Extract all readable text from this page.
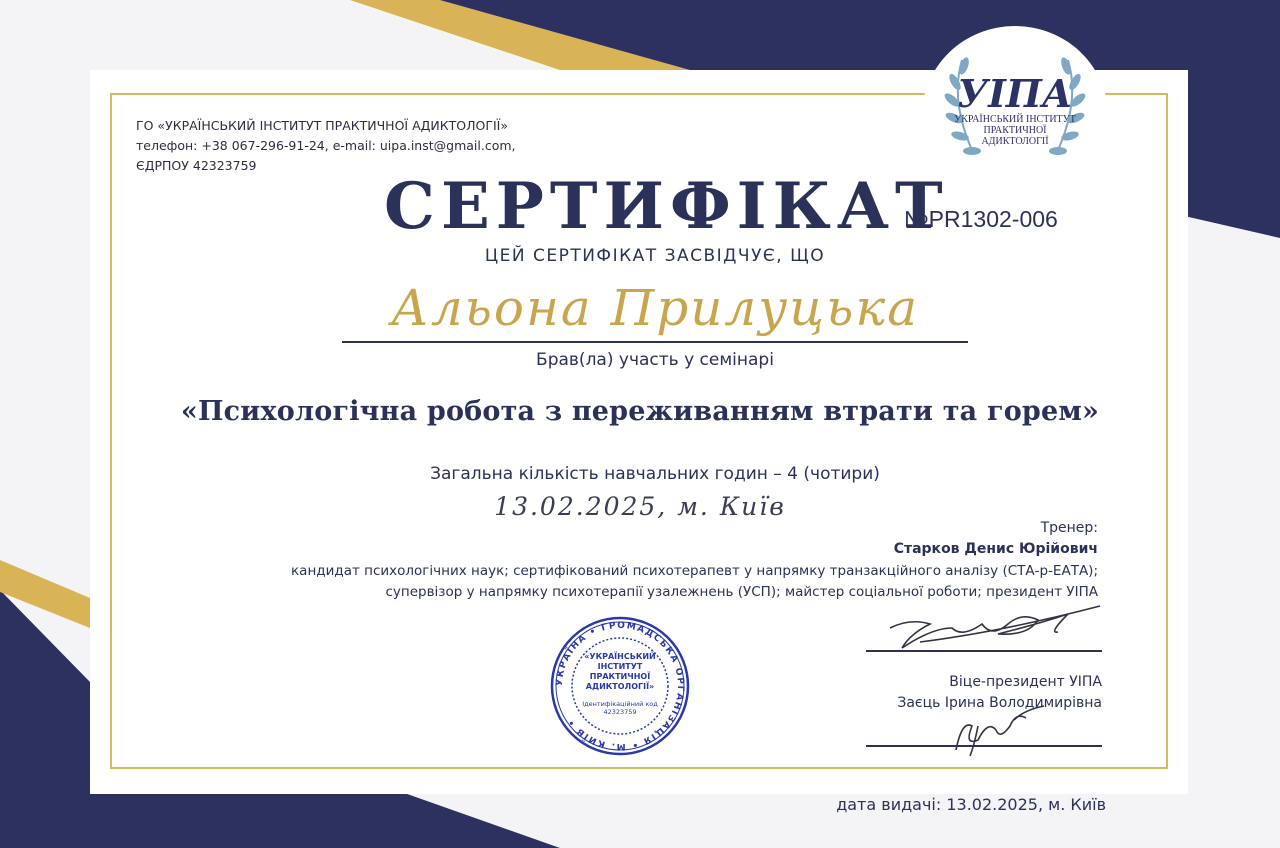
ГО «УКРАЇНСЬКИЙ ІНСТИТУТ ПРАКТИЧНОЇ АДИКТОЛОГІЇ»
телефон: +38 067-296-91-24, e-mail: uipa.inst@gmail.com,
ЄДРПОУ 42323759
УІПА
УКРАЇНСЬКИЙ ІНСТИТУТ ПРАКТИЧНОЇ АДИКТОЛОГІЇ
СЕРТИФІКАТ
№PR1302-006
ЦЕЙ СЕРТИФІКАТ ЗАСВІДЧУЄ, ЩО
Альона Прилуцька
Брав(ла) участь у семінарі
«Психологічна робота з переживанням втрати та горем»
Загальна кількість навчальних годин – 4 (чотири)
13.02.2025, м. Київ
Тренер:
Старков Денис Юрійович
кандидат психологічних наук; сертифікований психотерапевт у напрямку транзакційного аналізу (СТА-р-ЕАТА);
супервізор у напрямку психотерапії узалежнень (УСП); майстер соціальної роботи; президент УІПА
Віце-президент УІПА
Заєць Ірина Володимирівна
УКРАЇНА • ГРОМАДСЬКА ОРГАНІЗАЦІЯ • М. КИЇВ •
«УКРАЇНСЬКИЙ ІНСТИТУТ ПРАКТИЧНОЇ АДИКТОЛОГІЇ»
Ідентифікаційний код 42323759
дата видачі: 13.02.2025, м. Київ
